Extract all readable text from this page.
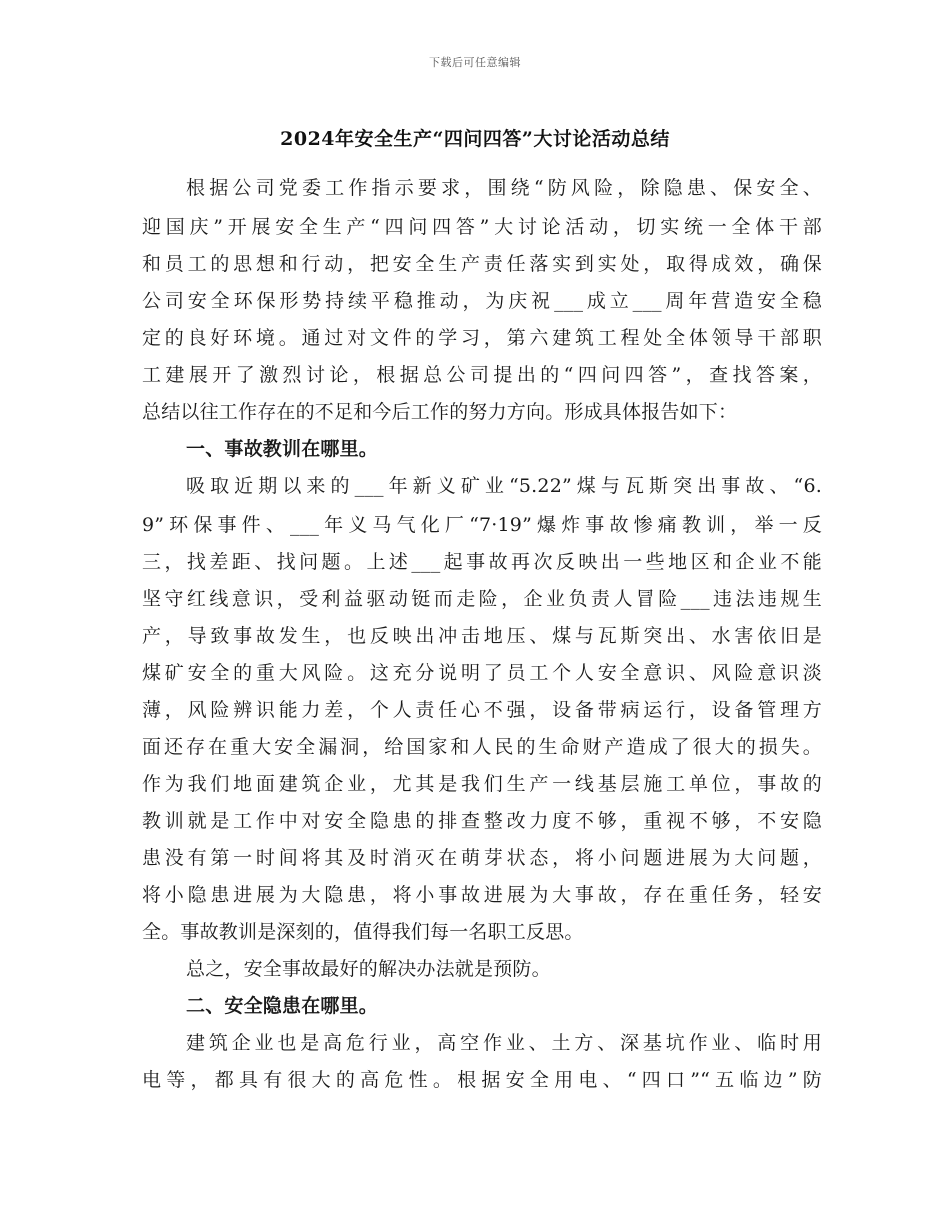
下载后可任意编辑
2024年安全生产“四问四答”大讨论活动总结
根据公司党委工作指示要求，围绕“防风险，除隐患、保安全、
迎国庆”开展安全生产“四问四答”大讨论活动，切实统一全体干部
和员工的思想和行动，把安全生产责任落实到实处，取得成效，确保
公司安全环保形势持续平稳推动，为庆祝___成立___周年营造安全稳
定的良好环境。通过对文件的学习，第六建筑工程处全体领导干部职
工建展开了激烈讨论，根据总公司提出的“四问四答”，查找答案，
总结以往工作存在的不足和今后工作的努力方向。形成具体报告如下：
一、事故教训在哪里。
吸取近期以来的___年新义矿业“5.22”煤与瓦斯突出事故、“6.
9”环保事件、___年义马气化厂“7·19”爆炸事故惨痛教训，举一反
三，找差距、找问题。上述___起事故再次反映出一些地区和企业不能
坚守红线意识，受利益驱动铤而走险，企业负责人冒险___违法违规生
产，导致事故发生，也反映出冲击地压、煤与瓦斯突出、水害依旧是
煤矿安全的重大风险。这充分说明了员工个人安全意识、风险意识淡
薄，风险辨识能力差，个人责任心不强，设备带病运行，设备管理方
面还存在重大安全漏洞，给国家和人民的生命财产造成了很大的损失。
作为我们地面建筑企业，尤其是我们生产一线基层施工单位，事故的
教训就是工作中对安全隐患的排查整改力度不够，重视不够，不安隐
患没有第一时间将其及时消灭在萌芽状态，将小问题进展为大问题，
将小隐患进展为大隐患，将小事故进展为大事故，存在重任务，轻安
全。事故教训是深刻的，值得我们每一名职工反思。
总之，安全事故最好的解决办法就是预防。
二、安全隐患在哪里。
建筑企业也是高危行业，高空作业、土方、深基坑作业、临时用
电等，都具有很大的高危性。根据安全用电、“四口”“五临边”防
